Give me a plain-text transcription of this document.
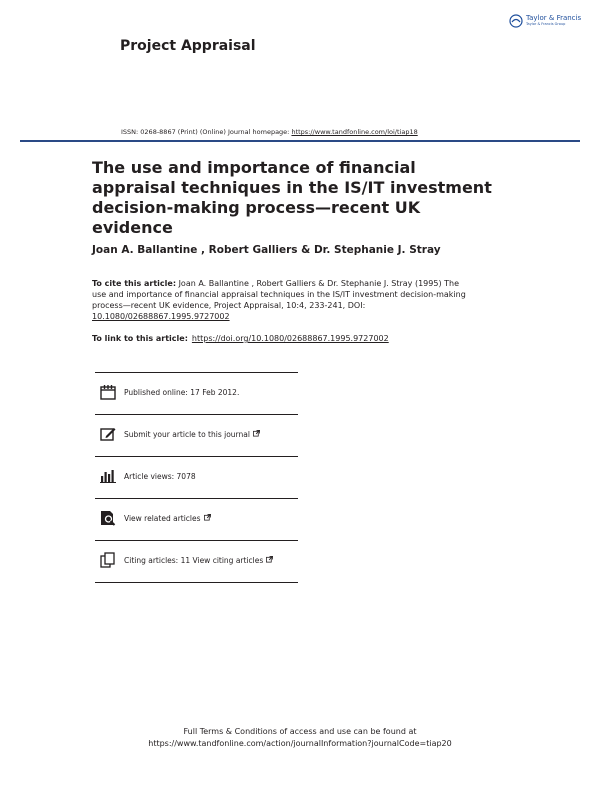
Project Appraisal
Taylor & Francis
Taylor & Francis Group
ISSN: 0268-8867 (Print) (Online) Journal homepage: https://www.tandfonline.com/loi/tiap18
The use and importance of financial appraisal techniques in the IS/IT investment decision-making process—recent UK evidence
Joan A. Ballantine , Robert Galliers & Dr. Stephanie J. Stray
To cite this article: Joan A. Ballantine , Robert Galliers & Dr. Stephanie J. Stray (1995) The use and importance of financial appraisal techniques in the IS/IT investment decision-making process—recent UK evidence, Project Appraisal, 10:4, 233-241, DOI: 10.1080/02688867.1995.9727002
To link to this article: https://doi.org/10.1080/02688867.1995.9727002
Published online: 17 Feb 2012.
Submit your article to this journal
Article views: 7078
View related articles
Citing articles: 11 View citing articles
Full Terms & Conditions of access and use can be found at
https://www.tandfonline.com/action/journalInformation?journalCode=tiap20
